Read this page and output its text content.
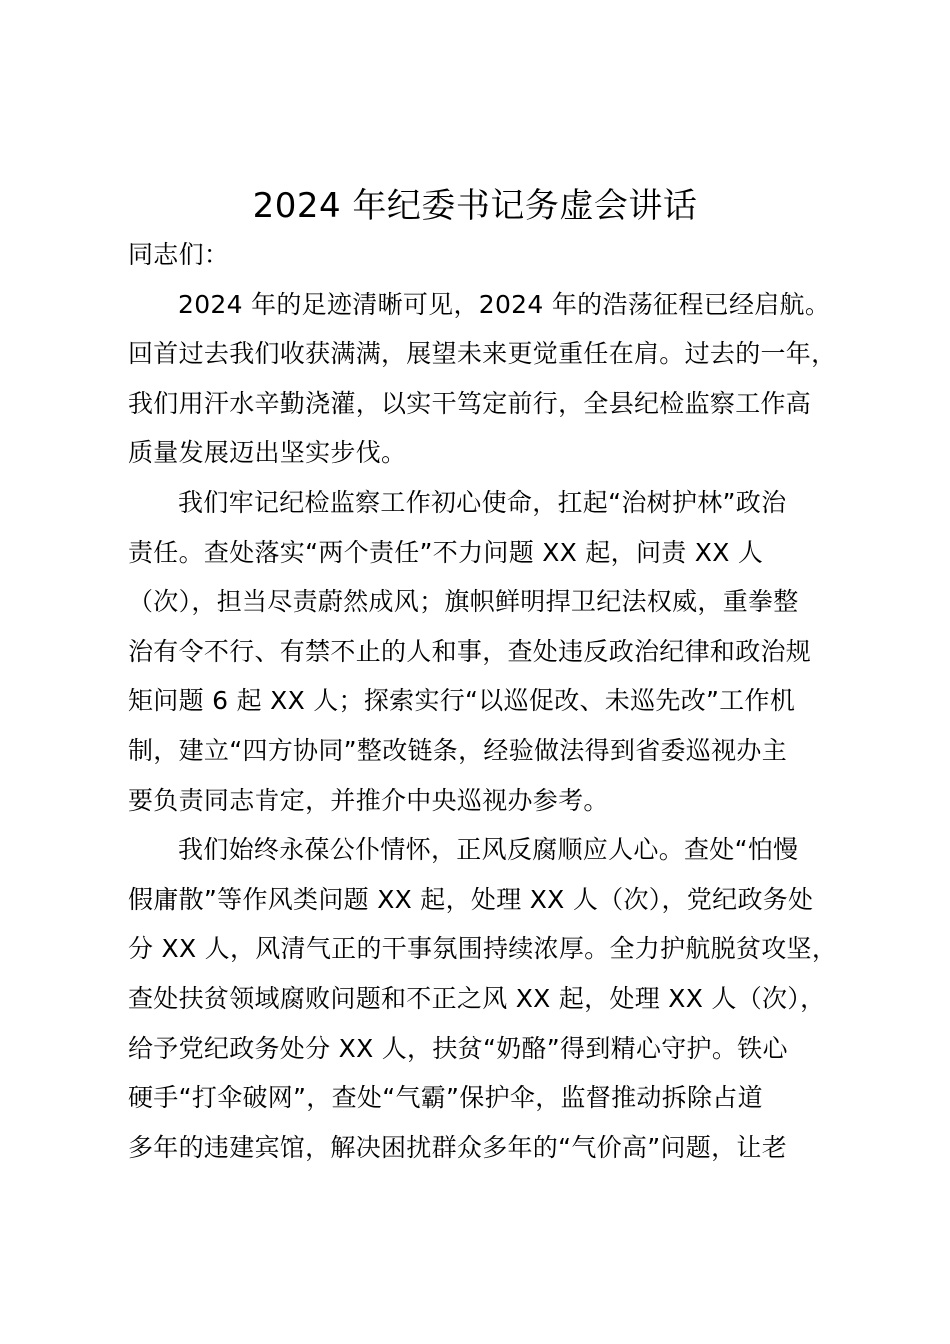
2024 年纪委书记务虚会讲话
同志们：
2024 年的足迹清晰可见，2024 年的浩荡征程已经启航。
回首过去我们收获满满，展望未来更觉重任在肩。过去的一年，
我们用汗水辛勤浇灌，以实干笃定前行，全县纪检监察工作高
质量发展迈出坚实步伐。
我们牢记纪检监察工作初心使命，扛起“治树护林”政治
责任。查处落实“两个责任”不力问题 XX 起，问责 XX 人
（次），担当尽责蔚然成风；旗帜鲜明捍卫纪法权威，重拳整
治有令不行、有禁不止的人和事，查处违反政治纪律和政治规
矩问题 6 起 XX 人；探索实行“以巡促改、未巡先改”工作机
制，建立“四方协同”整改链条，经验做法得到省委巡视办主
要负责同志肯定，并推介中央巡视办参考。
我们始终永葆公仆情怀，正风反腐顺应人心。查处“怕慢
假庸散”等作风类问题 XX 起，处理 XX 人（次），党纪政务处
分 XX 人，风清气正的干事氛围持续浓厚。全力护航脱贫攻坚，
查处扶贫领域腐败问题和不正之风 XX 起，处理 XX 人（次），
给予党纪政务处分 XX 人，扶贫“奶酪”得到精心守护。铁心
硬手“打伞破网”，查处“气霸”保护伞，监督推动拆除占道
多年的违建宾馆，解决困扰群众多年的“气价高”问题，让老
